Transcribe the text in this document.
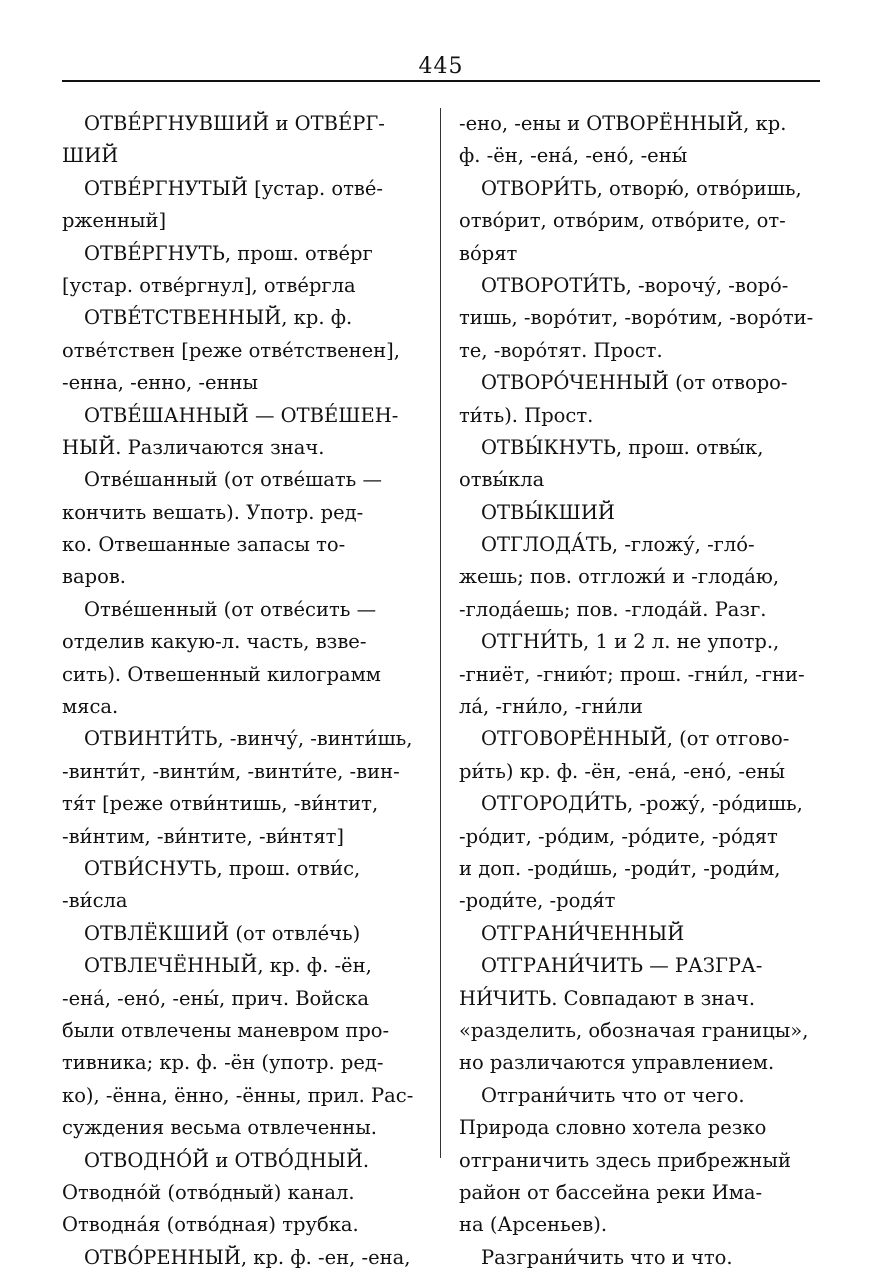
445
ОТВЕ́РГНУВШИЙ и ОТВЕ́РГ-
ШИЙ
ОТВЕ́РГНУТЫЙ [устар. отве́-
рженный]
ОТВЕ́РГНУТЬ, прош. отве́рг
[устар. отве́ргнул], отве́ргла
ОТВЕ́ТСТВЕННЫЙ, кр. ф.
отве́тствен [реже отве́тственен],
-енна, -енно, -енны
ОТВЕ́ШАННЫЙ — ОТВЕ́ШЕН-
НЫЙ. Различаются знач.
Отве́шанный (от отве́шать —
кончить вешать). Употр. ред-
ко. Отвешанные запасы то-
варов.
Отве́шенный (от отве́сить —
отделив какую-л. часть, взве-
сить). Отвешенный килограмм
мяса.
ОТВИНТИ́ТЬ, -винчу́, -винти́шь,
-винти́т, -винти́м, -винти́те, -вин-
тя́т [реже отви́нтишь, -ви́нтит,
-ви́нтим, -ви́нтите, -ви́нтят]
ОТВИ́СНУТЬ, прош. отви́с,
-ви́сла
ОТВЛЁКШИЙ (от отвле́чь)
ОТВЛЕЧЁННЫЙ, кр. ф. -ён,
-ена́, -ено́, -ены́, прич. Войска
были отвлечены маневром про-
тивника; кр. ф. -ён (употр. ред-
ко), -ённа, ённо, -ённы, прил. Рас-
суждения весьма отвлеченны.
ОТВОДНО́Й и ОТВО́ДНЫЙ.
Отводно́й (отво́дный) канал.
Отводна́я (отво́дная) трубка.
ОТВО́РЕННЫЙ, кр. ф. -ен, -ена,
-ено, -ены и ОТВОРЁННЫЙ, кр.
ф. -ён, -ена́, -ено́, -ены́
ОТВОРИ́ТЬ, отворю́, отво́ришь,
отво́рит, отво́рим, отво́рите, от-
во́рят
ОТВОРОТИ́ТЬ, -ворочу́, -воро́-
тишь, -воро́тит, -воро́тим, -воро́ти-
те, -воро́тят. Прост.
ОТВОРО́ЧЕННЫЙ (от отворо-
ти́ть). Прост.
ОТВЫ́КНУТЬ, прош. отвы́к,
отвы́кла
ОТВЫ́КШИЙ
ОТГЛОДА́ТЬ, -гложу́, -гло́-
жешь; пов. отгложи́ и -глода́ю,
-глода́ешь; пов. -глода́й. Разг.
ОТГНИ́ТЬ, 1 и 2 л. не употр.,
-гниёт, -гнию́т; прош. -гни́л, -гни-
ла́, -гни́ло, -гни́ли
ОТГОВОРЁННЫЙ, (от отгово-
ри́ть) кр. ф. -ён, -ена́, -ено́, -ены́
ОТГОРОДИ́ТЬ, -рожу́, -ро́дишь,
-ро́дит, -ро́дим, -ро́дите, -ро́дят
и доп. -роди́шь, -роди́т, -роди́м,
-роди́те, -родя́т
ОТГРАНИ́ЧЕННЫЙ
ОТГРАНИ́ЧИТЬ — РАЗГРА-
НИ́ЧИТЬ. Совпадают в знач.
«разделить, обозначая границы»,
но различаются управлением.
Отграни́чить что от чего.
Природа словно хотела резко
отграничить здесь прибрежный
район от бассейна реки Има-
на (Арсеньев).
Разграни́чить что и что.
